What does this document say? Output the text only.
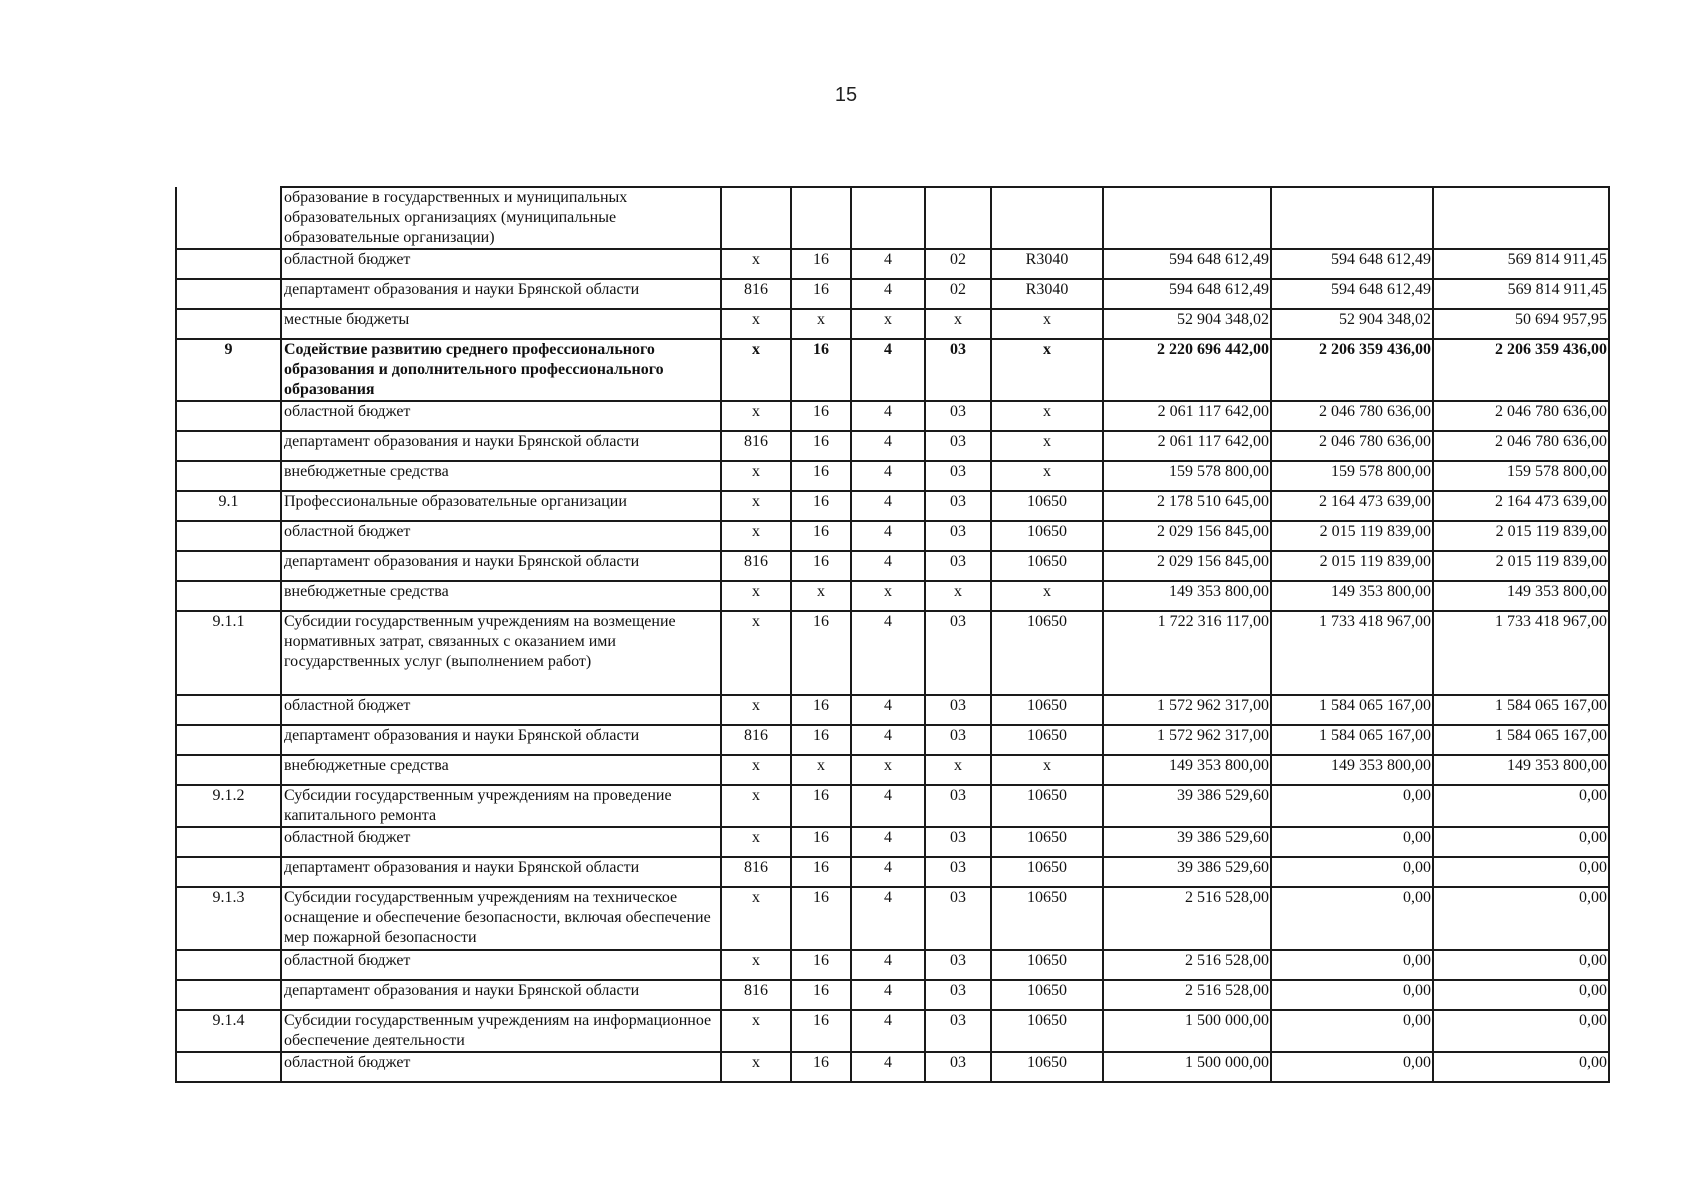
15
	образование в государственных и муниципальных образовательных организациях (муниципальные образовательные организации)								
	областной бюджет	х	16	4	02	R3040	594 648 612,49	594 648 612,49	569 814 911,45
	департамент образования и науки Брянской области	816	16	4	02	R3040	594 648 612,49	594 648 612,49	569 814 911,45
	местные бюджеты	х	х	х	х	х	52 904 348,02	52 904 348,02	50 694 957,95
9	Содействие развитию среднего профессионального образования и дополнительного профессионального образования	х	16	4	03	х	2 220 696 442,00	2 206 359 436,00	2 206 359 436,00
	областной бюджет	х	16	4	03	х	2 061 117 642,00	2 046 780 636,00	2 046 780 636,00
	департамент образования и науки Брянской области	816	16	4	03	х	2 061 117 642,00	2 046 780 636,00	2 046 780 636,00
	внебюджетные средства	х	16	4	03	х	159 578 800,00	159 578 800,00	159 578 800,00
9.1	Профессиональные образовательные организации	х	16	4	03	10650	2 178 510 645,00	2 164 473 639,00	2 164 473 639,00
	областной бюджет	х	16	4	03	10650	2 029 156 845,00	2 015 119 839,00	2 015 119 839,00
	департамент образования и науки Брянской области	816	16	4	03	10650	2 029 156 845,00	2 015 119 839,00	2 015 119 839,00
	внебюджетные средства	х	х	х	х	х	149 353 800,00	149 353 800,00	149 353 800,00
9.1.1	Субсидии государственным учреждениям на возмещение нормативных затрат, связанных с оказанием ими государственных услуг (выполнением работ)	х	16	4	03	10650	1 722 316 117,00	1 733 418 967,00	1 733 418 967,00
	областной бюджет	х	16	4	03	10650	1 572 962 317,00	1 584 065 167,00	1 584 065 167,00
	департамент образования и науки Брянской области	816	16	4	03	10650	1 572 962 317,00	1 584 065 167,00	1 584 065 167,00
	внебюджетные средства	х	х	х	х	х	149 353 800,00	149 353 800,00	149 353 800,00
9.1.2	Субсидии государственным учреждениям на проведение капитального ремонта	х	16	4	03	10650	39 386 529,60	0,00	0,00
	областной бюджет	х	16	4	03	10650	39 386 529,60	0,00	0,00
	департамент образования и науки Брянской области	816	16	4	03	10650	39 386 529,60	0,00	0,00
9.1.3	Субсидии государственным учреждениям на техническое оснащение и обеспечение безопасности, включая обеспечение мер пожарной безопасности	х	16	4	03	10650	2 516 528,00	0,00	0,00
	областной бюджет	х	16	4	03	10650	2 516 528,00	0,00	0,00
	департамент образования и науки Брянской области	816	16	4	03	10650	2 516 528,00	0,00	0,00
9.1.4	Субсидии государственным учреждениям на информационное обеспечение деятельности	х	16	4	03	10650	1 500 000,00	0,00	0,00
	областной бюджет	х	16	4	03	10650	1 500 000,00	0,00	0,00
